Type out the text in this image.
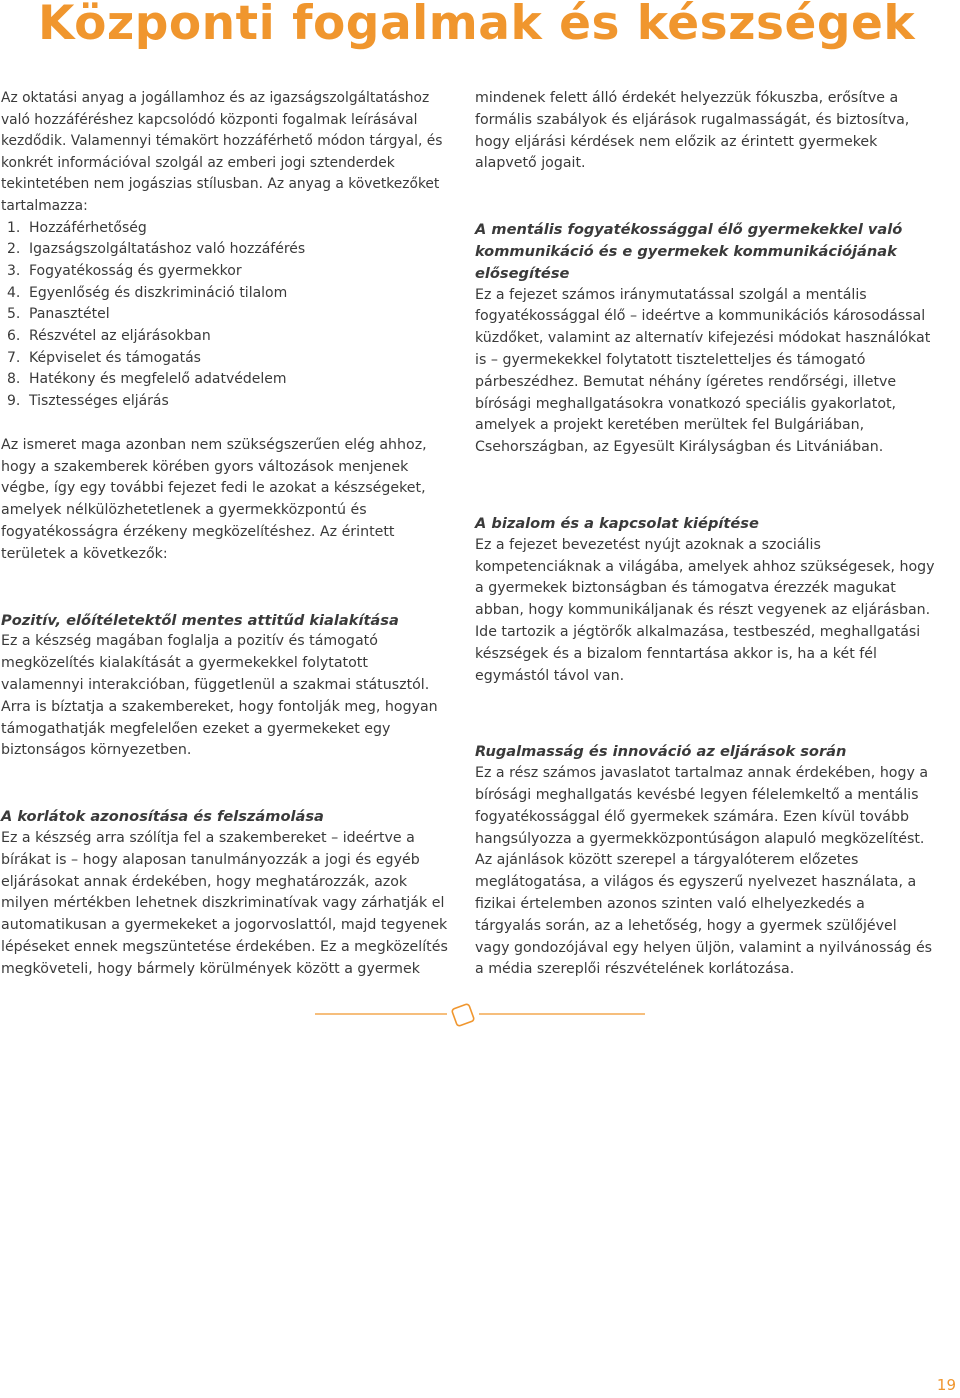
Központi fogalmak és készségek

Az oktatási anyag a jogállamhoz és az igazságszolgáltatáshoz való hozzáféréshez kapcsolódó központi fogalmak leírásával kezdődik. Valamennyi témakört hozzáférhető módon tárgyal, és konkrét információval szolgál az emberi jogi sztenderdek tekintetében nem jogászias stílusban. Az anyag a következőket tartalmazza:

1. Hozzáférhetőség
2. Igazságszolgáltatáshoz való hozzáférés
3. Fogyatékosság és gyermekkor
4. Egyenlőség és diszkrimináció tilalom
5. Panasztétel
6. Részvétel az eljárásokban
7. Képviselet és támogatás
8. Hatékony és megfelelő adatvédelem
9. Tisztességes eljárás

Az ismeret maga azonban nem szükségszerűen elég ahhoz, hogy a szakemberek körében gyors változások menjenek végbe, így egy további fejezet fedi le azokat a készségeket, amelyek nélkülözhetetlenek a gyermekközpontú és fogyatékosságra érzékeny megközelítéshez. Az érintett területek a következők:

Pozitív, előítéletektől mentes attitűd kialakítása

Ez a készség magában foglalja a pozitív és támogató megközelítés kialakítását a gyermekekkel folytatott valamennyi interakcióban, függetlenül a szakmai státusztól. Arra is bíztatja a szakembereket, hogy fontolják meg, hogyan támogathatják megfelelően ezeket a gyermekeket egy biztonságos környezetben.

A korlátok azonosítása és felszámolása

Ez a készség arra szólítja fel a szakembereket – ideértve a bírákat is – hogy alaposan tanulmányozzák a jogi és egyéb eljárásokat annak érdekében, hogy meghatározzák, azok milyen mértékben lehetnek diszkriminatívak vagy zárhatják el automatikusan a gyermekeket a jogorvoslattól, majd tegyenek lépéseket ennek megszüntetése érdekében. Ez a megközelítés megköveteli, hogy bármely körülmények között a gyermek

mindenek felett álló érdekét helyezzük fókuszba, erősítve a formális szabályok és eljárások rugalmasságát, és biztosítva, hogy eljárási kérdések nem előzik az érintett gyermekek alapvető jogait.

A mentális fogyatékossággal élő gyermekekkel való kommunikáció és e gyermekek kommunikációjának elősegítése

Ez a fejezet számos iránymutatással szolgál a mentális fogyatékossággal élő – ideértve a kommunikációs károsodással küzdőket, valamint az alternatív kifejezési módokat használókat is – gyermekekkel folytatott tiszteletteljes és támogató párbeszédhez. Bemutat néhány ígéretes rendőrségi, illetve bírósági meghallgatásokra vonatkozó speciális gyakorlatot, amelyek a projekt keretében merültek fel Bulgáriában, Csehországban, az Egyesült Királyságban és Litvániában.

A bizalom és a kapcsolat kiépítése

Ez a fejezet bevezetést nyújt azoknak a szociális kompetenciáknak a világába, amelyek ahhoz szükségesek, hogy a gyermekek biztonságban és támogatva érezzék magukat abban, hogy kommunikáljanak és részt vegyenek az eljárásban. Ide tartozik a jégtörők alkalmazása, testbeszéd, meghallgatási készségek és a bizalom fenntartása akkor is, ha a két fél egymástól távol van.

Rugalmasság és innováció az eljárások során

Ez a rész számos javaslatot tartalmaz annak érdekében, hogy a bírósági meghallgatás kevésbé legyen félelemkeltő a mentális fogyatékossággal élő gyermekek számára. Ezen kívül tovább hangsúlyozza a gyermekközpontúságon alapuló megközelítést. Az ajánlások között szerepel a tárgyalóterem előzetes meglátogatása, a világos és egyszerű nyelvezet használata, a fizikai értelemben azonos szinten való elhelyezkedés a tárgyalás során, az a lehetőség, hogy a gyermek szülőjével vagy gondozójával egy helyen üljön, valamint a nyilvánosság és a média szereplői részvételének korlátozása.

19
